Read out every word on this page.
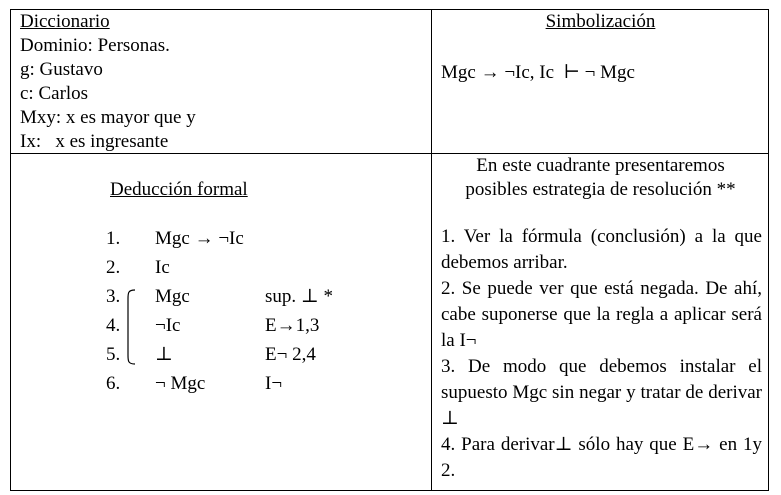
Diccionario
Dominio: Personas.
g: Gustavo
c: Carlos
Mxy: x es mayor que y
Ix:   x es ingresante
Simbolización
Mgc → ¬Ic, Ic  ⊢ ¬ Mgc
Deducción formal
1. Mgc → ¬Ic
2. Ic
3. Mgc	sup. ⊥ *
4. ¬Ic	E→1,3
5. ⊥	E¬ 2,4
6. ¬ Mgc	I¬
En este cuadrante presentaremos
posibles estrategia de resolución **

1. Ver la fórmula (conclusión) a la que debemos arribar.

2. Se puede ver que está negada. De ahí, cabe suponerse que la regla a aplicar será la I¬

3. De modo que debemos instalar el supuesto Mgc sin negar y tratar de derivar ⊥

4. Para derivar⊥ sólo hay que E→ en 1y 2.
